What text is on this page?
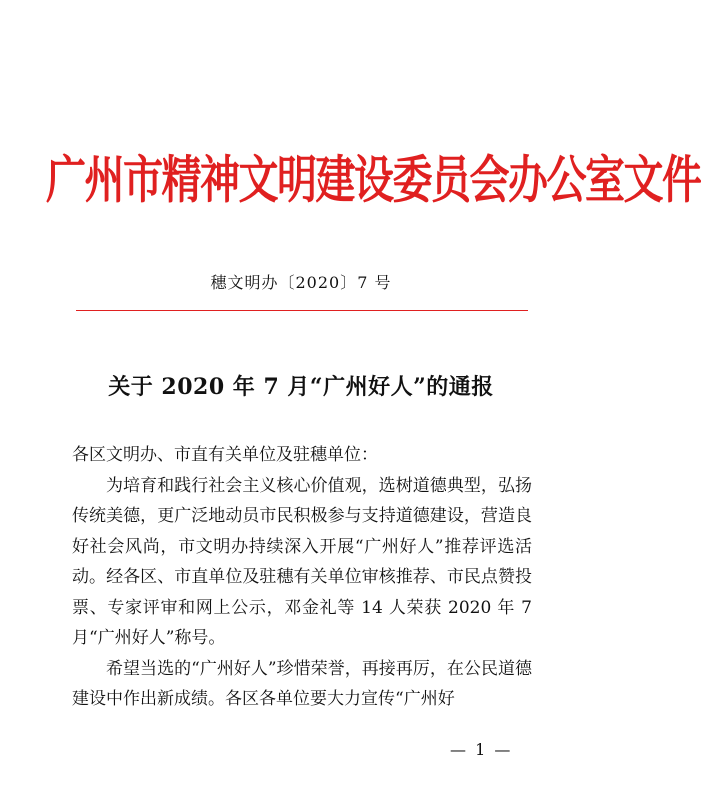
广州市精神文明建设委员会办公室文件
穗文明办〔2020〕7 号
关于 2020 年 7 月“广州好人”的通报

各区文明办、市直有关单位及驻穗单位：

为培育和践行社会主义核心价值观，选树道德典型，弘扬传统美德，更广泛地动员市民积极参与支持道德建设，营造良好社会风尚，市文明办持续深入开展“广州好人”推荐评选活动。经各区、市直单位及驻穗有关单位审核推荐、市民点赞投票、专家评审和网上公示，邓金礼等 14 人荣获 2020 年 7 月“广州好人”称号。

希望当选的“广州好人”珍惜荣誉，再接再厉，在公民道德建设中作出新成绩。各区各单位要大力宣传“广州好

— 1 —
